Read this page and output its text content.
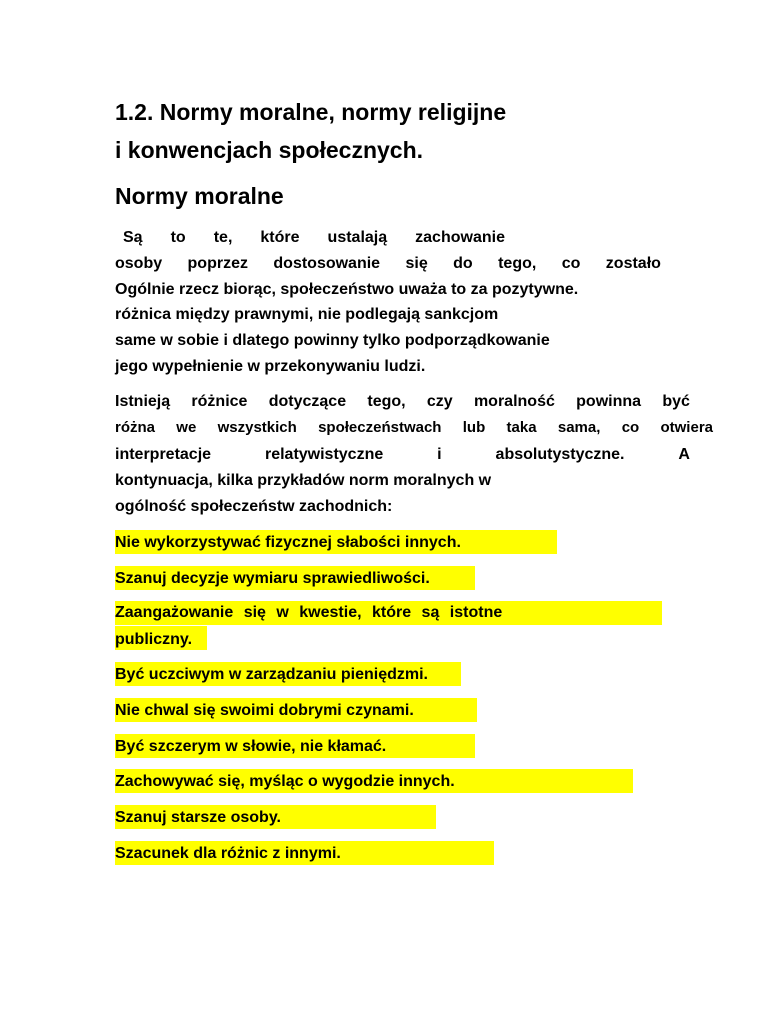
1.2. Normy moralne, normy religijne
i konwencjach społecznych.
Normy moralne
Są to te, które ustalają zachowanie
osoby poprzez dostosowanie się do tego, co zostało
Ogólnie rzecz biorąc, społeczeństwo uważa to za pozytywne.
różnica między prawnymi, nie podlegają sankcjom
same w sobie i dlatego powinny tylko podporządkowanie
jego wypełnienie w przekonywaniu ludzi.
Istnieją różnice dotyczące tego, czy moralność powinna być
różna we wszystkich społeczeństwach lub taka sama, co otwiera
interpretacje	relatywistyczne	i	absolutystyczne.	A
kontynuacja, kilka przykładów norm moralnych w
ogólność społeczeństw zachodnich:
Nie wykorzystywać fizycznej słabości innych.
Szanuj decyzje wymiaru sprawiedliwości.
Zaangażowanie się w kwestie, które są istotne
publiczny.
Być uczciwym w zarządzaniu pieniędzmi.
Nie chwal się swoimi dobrymi czynami.
Być szczerym w słowie, nie kłamać.
Zachowywać się, myśląc o wygodzie innych.
Szanuj starsze osoby.
Szacunek dla różnic z innymi.
